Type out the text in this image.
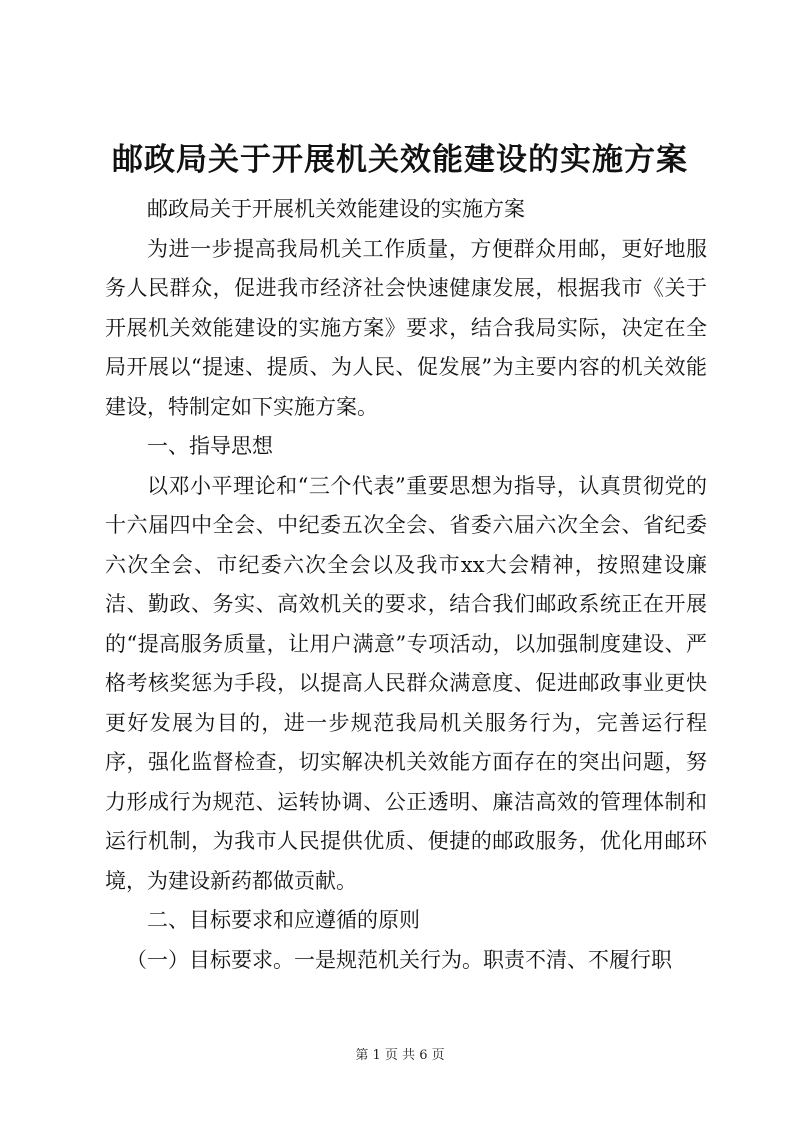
邮政局关于开展机关效能建设的实施方案

邮政局关于开展机关效能建设的实施方案

为进一步提高我局机关工作质量，方便群众用邮，更好地服务人民群众，促进我市经济社会快速健康发展，根据我市《关于开展机关效能建设的实施方案》要求，结合我局实际，决定在全局开展以“提速、提质、为人民、促发展”为主要内容的机关效能建设，特制定如下实施方案。

一、指导思想

以邓小平理论和“三个代表”重要思想为指导，认真贯彻党的十六届四中全会、中纪委五次全会、省委六届六次全会、省纪委六次全会、市纪委六次全会以及我市xx大会精神，按照建设廉洁、勤政、务实、高效机关的要求，结合我们邮政系统正在开展的“提高服务质量，让用户满意”专项活动，以加强制度建设、严格考核奖惩为手段，以提高人民群众满意度、促进邮政事业更快更好发展为目的，进一步规范我局机关服务行为，完善运行程序，强化监督检查，切实解决机关效能方面存在的突出问题，努力形成行为规范、运转协调、公正透明、廉洁高效的管理体制和运行机制，为我市人民提供优质、便捷的邮政服务，优化用邮环境，为建设新药都做贡献。

二、目标要求和应遵循的原则

（一）目标要求。一是规范机关行为。职责不清、不履行职

第 1 页 共 6 页
